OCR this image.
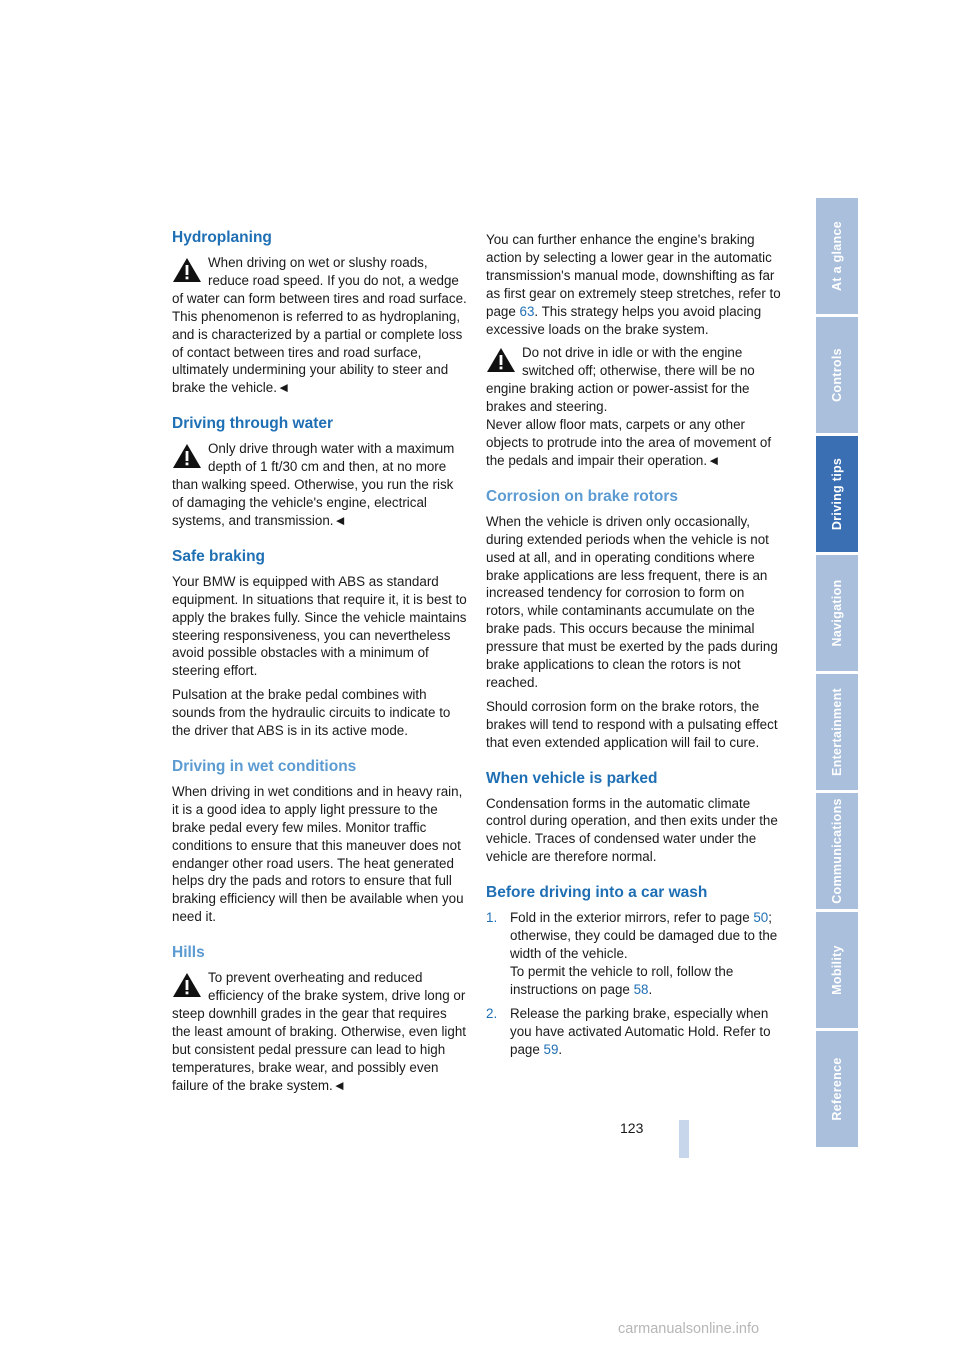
Hydroplaning

When driving on wet or slushy roads, reduce road speed. If you do not, a wedge of water can form between tires and road surface. This phenomenon is referred to as hydroplaning, and is characterized by a partial or complete loss of contact between tires and road surface, ultimately undermining your ability to steer and brake the vehicle.◄

Driving through water

Only drive through water with a maximum depth of 1 ft/30 cm and then, at no more than walking speed. Otherwise, you run the risk of damaging the vehicle's engine, electrical systems, and transmission.◄

Safe braking

Your BMW is equipped with ABS as standard equipment. In situations that require it, it is best to apply the brakes fully. Since the vehicle maintains steering responsiveness, you can nevertheless avoid possible obstacles with a minimum of steering effort.

Pulsation at the brake pedal combines with sounds from the hydraulic circuits to indicate to the driver that ABS is in its active mode.

Driving in wet conditions

When driving in wet conditions and in heavy rain, it is a good idea to apply light pressure to the brake pedal every few miles. Monitor traffic conditions to ensure that this maneuver does not endanger other road users. The heat generated helps dry the pads and rotors to ensure that full braking efficiency will then be available when you need it.

Hills

To prevent overheating and reduced efficiency of the brake system, drive long or steep downhill grades in the gear that requires the least amount of braking. Otherwise, even light but consistent pedal pressure can lead to high temperatures, brake wear, and possibly even failure of the brake system.◄

You can further enhance the engine's braking action by selecting a lower gear in the automatic transmission's manual mode, downshifting as far as first gear on extremely steep stretches, refer to page 63. This strategy helps you avoid placing excessive loads on the brake system.

Do not drive in idle or with the engine switched off; otherwise, there will be no engine braking action or power-assist for the brakes and steering.

Never allow floor mats, carpets or any other objects to protrude into the area of movement of the pedals and impair their operation.◄

Corrosion on brake rotors

When the vehicle is driven only occasionally, during extended periods when the vehicle is not used at all, and in operating conditions where brake applications are less frequent, there is an increased tendency for corrosion to form on rotors, while contaminants accumulate on the brake pads. This occurs because the minimal pressure that must be exerted by the pads during brake applications to clean the rotors is not reached.

Should corrosion form on the brake rotors, the brakes will tend to respond with a pulsating effect that even extended application will fail to cure.

When vehicle is parked

Condensation forms in the automatic climate control during operation, and then exits under the vehicle. Traces of condensed water under the vehicle are therefore normal.

Before driving into a car wash
1. Fold in the exterior mirrors, refer to page 50; otherwise, they could be damaged due to the width of the vehicle.
To permit the vehicle to roll, follow the instructions on page 58.
2. Release the parking brake, especially when you have activated Automatic Hold. Refer to page 59.
At a glance
Controls
Driving tips
Navigation
Entertainment
Communications
Mobility
Reference
123
carmanualsonline.info
